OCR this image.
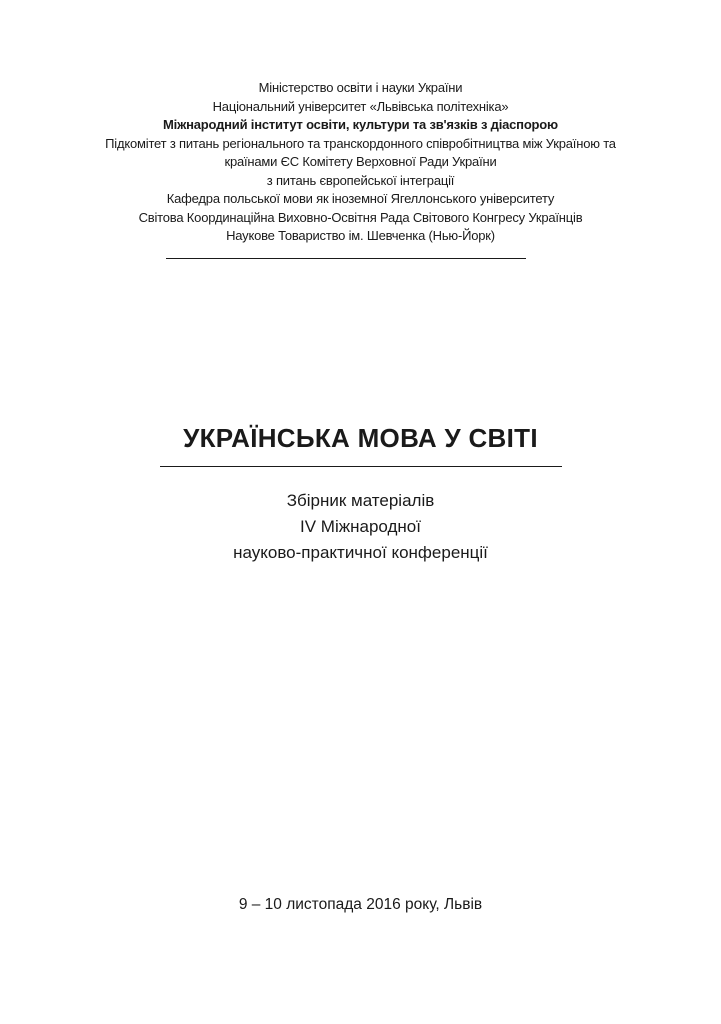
Міністерство освіти і науки України
Національний університет «Львівська політехніка»
Міжнародний інститут освіти, культури та зв'язків з діаспорою
Підкомітет з питань регіонального та транскордонного співробітництва між Україною та
країнами ЄС Комітету Верховної Ради України
з питань європейської інтеграції
Кафедра польської мови як іноземної Ягеллонського університету
Світова Координаційна Виховно-Освітня Рада Світового Конгресу Українців
Наукове Товариство ім. Шевченка (Нью-Йорк)
УКРАЇНСЬКА МОВА У СВІТІ
Збірник матеріалів
IV Міжнародної
науково-практичної конференції
9 – 10 листопада 2016 року, Львів
